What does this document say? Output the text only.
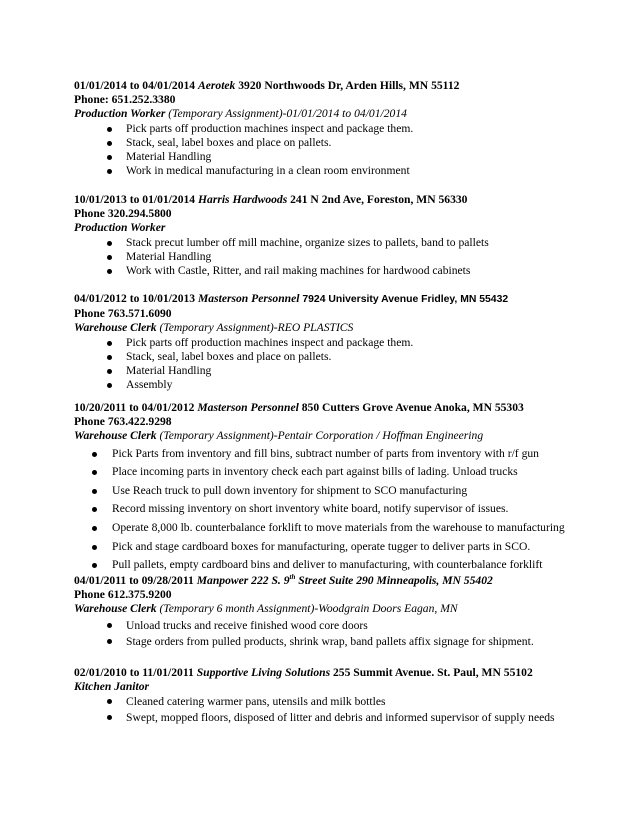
01/01/2014 to 04/01/2014 Aerotek 3920 Northwoods Dr, Arden Hills, MN 55112
Phone: 651.252.3380
Production Worker (Temporary Assignment)-01/01/2014 to 04/01/2014
Pick parts off production machines inspect and package them.
Stack, seal, label boxes and place on pallets.
Material Handling
Work in medical manufacturing in a clean room environment
10/01/2013 to 01/01/2014 Harris Hardwoods 241 N 2nd Ave, Foreston, MN 56330
Phone 320.294.5800
Production Worker
Stack precut lumber off mill machine, organize sizes to pallets, band to pallets
Material Handling
Work with Castle, Ritter, and rail making machines for hardwood cabinets
04/01/2012 to 10/01/2013 Masterson Personnel 7924 University Avenue Fridley, MN 55432
Phone 763.571.6090
Warehouse Clerk (Temporary Assignment)-REO PLASTICS
Pick parts off production machines inspect and package them.
Stack, seal, label boxes and place on pallets.
Material Handling
Assembly
10/20/2011 to 04/01/2012 Masterson Personnel 850 Cutters Grove Avenue Anoka, MN 55303
Phone 763.422.9298
Warehouse Clerk (Temporary Assignment)-Pentair Corporation / Hoffman Engineering
Pick Parts from inventory and fill bins, subtract number of parts from inventory with r/f gun
Place incoming parts in inventory check each part against bills of lading. Unload trucks
Use Reach truck to pull down inventory for shipment to SCO manufacturing
Record missing inventory on short inventory white board, notify supervisor of issues.
Operate 8,000 lb. counterbalance forklift to move materials from the warehouse to manufacturing
Pick and stage cardboard boxes for manufacturing, operate tugger to deliver parts in SCO.
Pull pallets, empty cardboard bins and deliver to manufacturing, with counterbalance forklift
04/01/2011 to 09/28/2011 Manpower 222 S. 9th Street Suite 290 Minneapolis, MN 55402
Phone 612.375.9200
Warehouse Clerk (Temporary 6 month Assignment)-Woodgrain Doors Eagan, MN
Unload trucks and receive finished wood core doors
Stage orders from pulled products, shrink wrap, band pallets affix signage for shipment.
02/01/2010 to 11/01/2011 Supportive Living Solutions 255 Summit Avenue. St. Paul, MN 55102
Kitchen Janitor
Cleaned catering warmer pans, utensils and milk bottles
Swept, mopped floors, disposed of litter and debris and informed supervisor of supply needs
